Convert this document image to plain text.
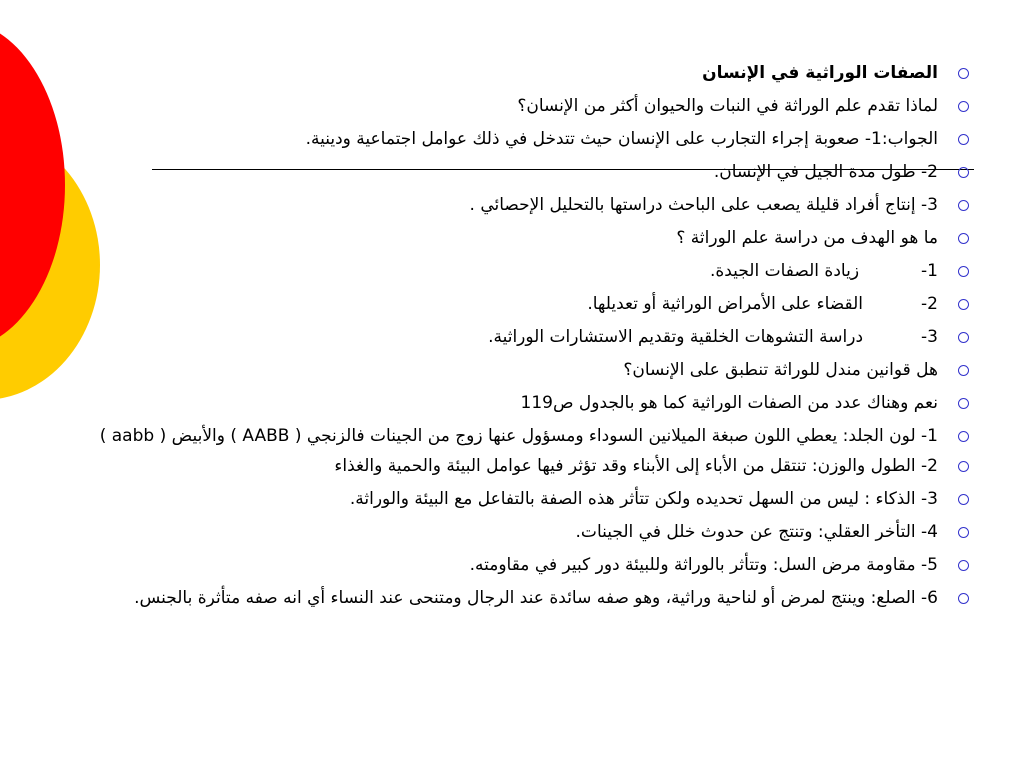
الصفات الوراثية في الإنسان
لماذا تقدم علم الوراثة في النبات والحيوان أكثر من الإنسان؟
الجواب:1- صعوبة إجراء التجارب على الإنسان حيث تتدخل في ذلك عوامل اجتماعية ودينية.
2- طول مدة الجيل في الإنسان.
3- إنتاج أفراد قليلة يصعب على الباحث دراستها بالتحليل الإحصائي .
ما هو الهدف من دراسة علم الوراثة ؟
1-زيادة الصفات الجيدة.
2-القضاء على الأمراض الوراثية أو تعديلها.
3-دراسة التشوهات الخلقية وتقديم الاستشارات الوراثية.
هل قوانين مندل للوراثة تنطبق على الإنسان؟
نعم وهناك عدد من الصفات الوراثية كما هو بالجدول ص119
1- لون الجلد: يعطي اللون صبغة الميلانين السوداء ومسؤول عنها زوج من الجينات فالزنجي ( AABB ) والأبيض ( aabb )
2- الطول والوزن: تنتقل من الأباء إلى الأبناء وقد تؤثر فيها عوامل البيئة والحمية والغذاء
3- الذكاء : ليس من السهل تحديده ولكن تتأثر هذه الصفة بالتفاعل مع البيئة والوراثة.
4- التأخر العقلي: وتنتج عن حدوث خلل في الجينات.
5- مقاومة مرض السل: وتتأثر بالوراثة وللبيئة دور كبير في مقاومته.
6- الصلع: وينتج لمرض أو لناحية وراثية، وهو صفه سائدة عند الرجال ومتنحى عند النساء أي انه صفه متأثرة بالجنس.
